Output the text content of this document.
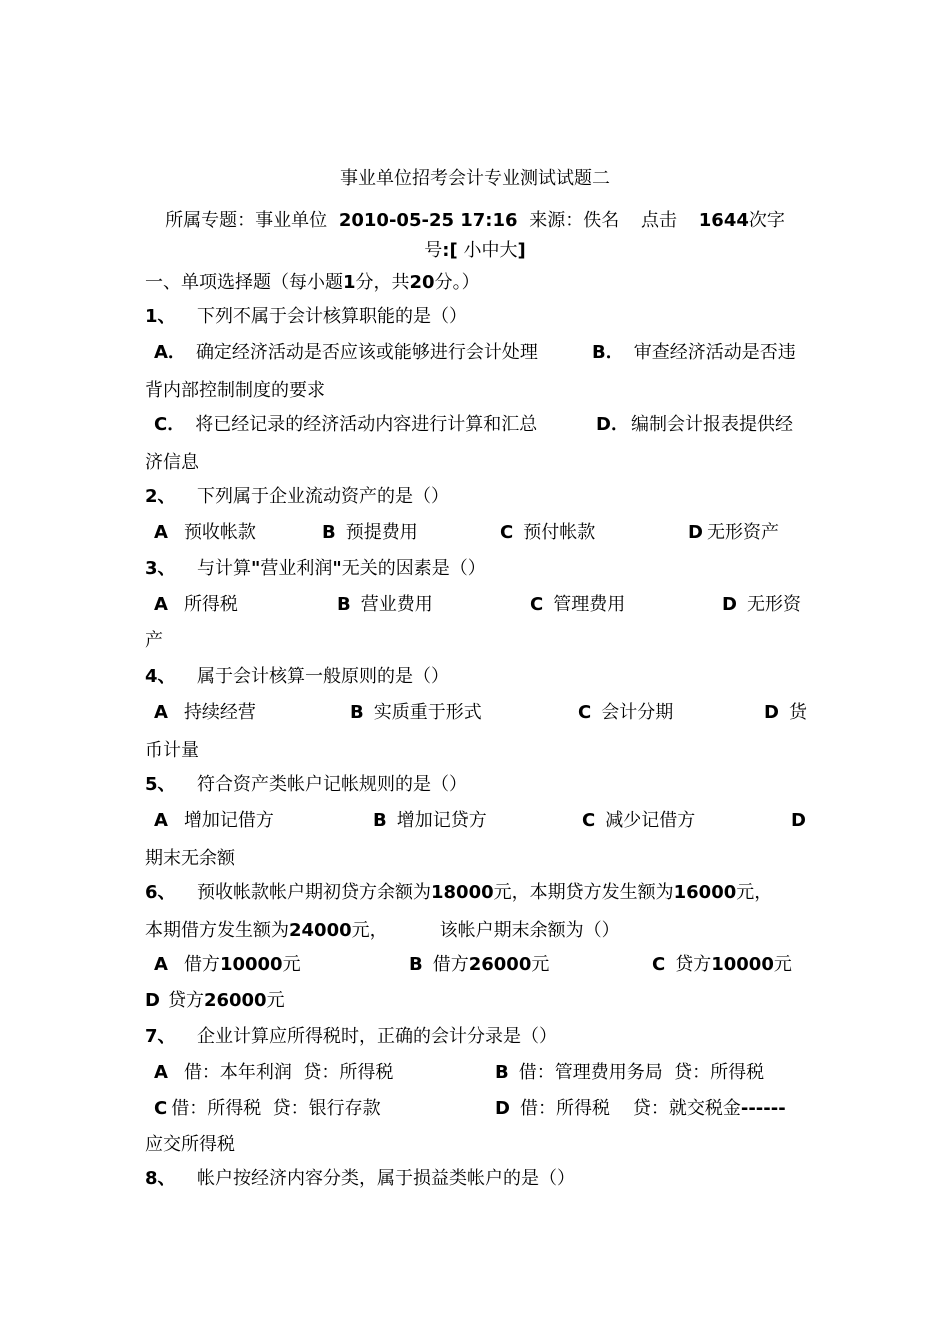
事业单位招考会计专业测试试题二
所属专题：事业单位 2010-05-25 17:16 来源：佚名 点击 1644次字
号:[ 小中大]
一、单项选择题（每小题1分，共20分。）
1、 下列不属于会计核算职能的是（）
A． 确定经济活动是否应该或能够进行会计处理	B． 审查经济活动是否违
背内部控制制度的要求
C． 将已经记录的经济活动内容进行计算和汇总	D． 编制会计报表提供经
济信息
2、 下列属于企业流动资产的是（）
A 预收帐款	B 预提费用	C 预付帐款	D 无形资产
3、 与计算"营业利润"无关的因素是（）
A 所得税	B 营业费用	C 管理费用	D 无形资
产
4、 属于会计核算一般原则的是（）
A 持续经营	B 实质重于形式	C 会计分期	D 货
币计量
5、 符合资产类帐户记帐规则的是（）
A 增加记借方	B 增加记贷方	C 减少记借方	D
期末无余额
6、 预收帐款帐户期初贷方余额为18000元，本期贷方发生额为16000元，
本期借方发生额为24000元，	该帐户期末余额为（）
A 借方10000元	B 借方26000元	C 贷方10000元
D 贷方26000元
7、 企业计算应所得税时，正确的会计分录是（）
A 借：本年利润  贷：所得税	B 借：管理费用务局  贷：所得税
C 借：所得税  贷：银行存款	D 借：所得税    贷：就交税金------
应交所得税
8、 帐户按经济内容分类，属于损益类帐户的是（）
